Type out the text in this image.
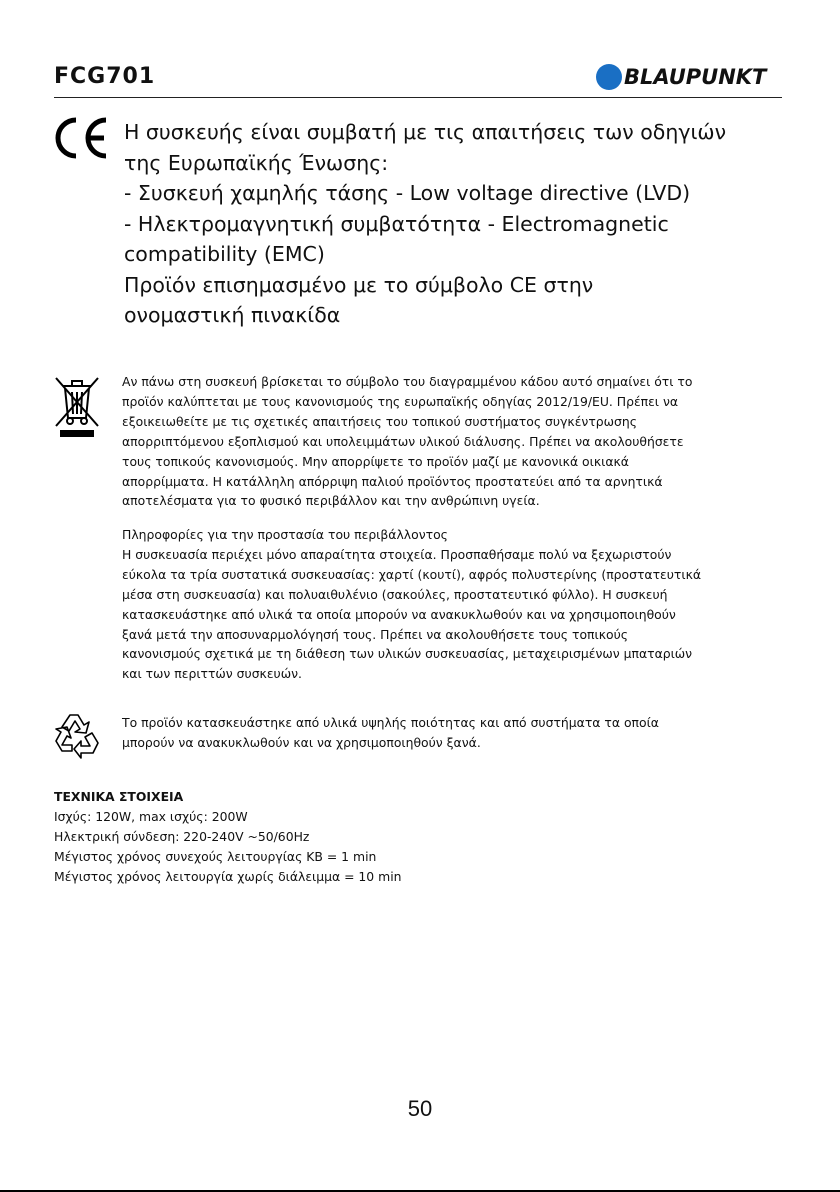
FCG701	BLAUPUNKT

Η συσκευής είναι συμβατή με τις απαιτήσεις των οδηγιών

της Ευρωπαϊκής Ένωσης:

- Συσκευή χαμηλής τάσης - Low voltage directive (LVD)

- Ηλεκτρομαγνητική συμβατότητα - Electromagnetic

compatibility (EMC)

Προϊόν επισημασμένο με το σύμβολο CE στην

ονομαστική πινακίδα

Αν πάνω στη συσκευή βρίσκεται το σύμβολο του διαγραμμένου κάδου αυτό σημαίνει ότι το

προϊόν καλύπτεται με τους κανονισμούς της ευρωπαϊκής οδηγίας 2012/19/EU. Πρέπει να

εξοικειωθείτε με τις σχετικές απαιτήσεις του τοπικού συστήματος συγκέντρωσης

απορριπτόμενου εξοπλισμού και υπολειμμάτων υλικού διάλυσης. Πρέπει να ακολουθήσετε

τους τοπικούς κανονισμούς. Μην απορρίψετε το προϊόν μαζί με κανονικά οικιακά

απορρίμματα. Η κατάλληλη απόρριψη παλιού προϊόντος προστατεύει από τα αρνητικά

αποτελέσματα για το φυσικό περιβάλλον και την ανθρώπινη υγεία.

Πληροφορίες για την προστασία του περιβάλλοντος

Η συσκευασία περιέχει μόνο απαραίτητα στοιχεία. Προσπαθήσαμε πολύ να ξεχωριστούν

εύκολα τα τρία συστατικά συσκευασίας: χαρτί (κουτί), αφρός πολυστερίνης (προστατευτικά

μέσα στη συσκευασία) και πολυαιθυλένιο (σακούλες, προστατευτικό φύλλο). Η συσκευή

κατασκευάστηκε από υλικά τα οποία μπορούν να ανακυκλωθούν και να χρησιμοποιηθούν

ξανά μετά την αποσυναρμολόγησή τους. Πρέπει να ακολουθήσετε τους τοπικούς

κανονισμούς σχετικά με τη διάθεση των υλικών συσκευασίας, μεταχειρισμένων μπαταριών

και των περιττών συσκευών.

Το προϊόν κατασκευάστηκε από υλικά υψηλής ποιότητας και από συστήματα τα οποία

μπορούν να ανακυκλωθούν και να χρησιμοποιηθούν ξανά.

ΤΕΧΝΙΚΑ ΣΤΟΙΧΕΙΑ

Ισχύς: 120W, max ισχύς: 200W

Ηλεκτρική σύνδεση: 220-240V ~50/60Hz

Μέγιστος χρόνος συνεχούς λειτουργίας KB = 1 min

Μέγιστος χρόνος λειτουργία χωρίς διάλειμμα = 10 min

50
